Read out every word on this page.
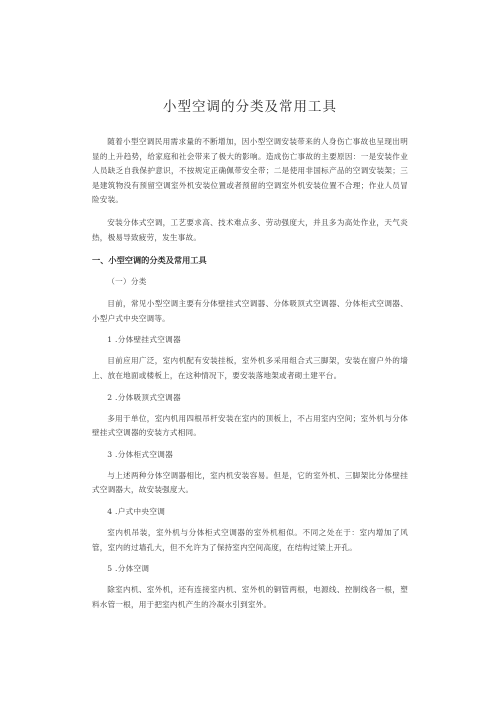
小型空调的分类及常用工具

随着小型空调民用需求量的不断增加，因小型空调安装带来的人身伤亡事故也呈现出明显的上升趋势，给家庭和社会带来了极大的影响。造成伤亡事故的主要原因：一是安装作业人员缺乏自我保护意识，不按规定正确佩带安全带；二是使用非国标产品的空调安装架；三是建筑物没有预留空调室外机安装位置或者预留的空调室外机安装位置不合理；作业人员冒险安装。

安装分体式空调，工艺要求高、技术难点多、劳动强度大，并且多为高处作业，天气炎热，极易导致疲劳，发生事故。

一、小型空调的分类及常用工具
（一）分类

目前，常见小型空调主要有分体壁挂式空调器、分体吸顶式空调器、分体柜式空调器、小型户式中央空调等。

1 .分体壁挂式空调器

目前应用广泛，室内机配有安装挂板，室外机多采用组合式三脚架，安装在窗户外的墙上、放在地面或楼板上，在这种情况下，要安装落地架或者砌土建平台。

2 .分体吸顶式空调器

多用于单位，室内机用四根吊杆安装在室内的顶板上，不占用室内空间；室外机与分体壁挂式空调器的安装方式相同。

3 .分体柜式空调器

与上述两种分体空调器相比，室内机安装容易。但是，它的室外机、三脚架比分体壁挂式空调器大，故安装强度大。

4 .户式中央空调

室内机吊装，室外机与分体柜式空调器的室外机相似。不同之处在于：室内增加了风管，室内的过墙孔大，但不允许为了保持室内空间高度，在结构过梁上开孔。

5 .分体空调

除室内机、室外机，还有连接室内机、室外机的铜管两根，电源线、控制线各一根，塑料水管一根，用于把室内机产生的冷凝水引到室外。
